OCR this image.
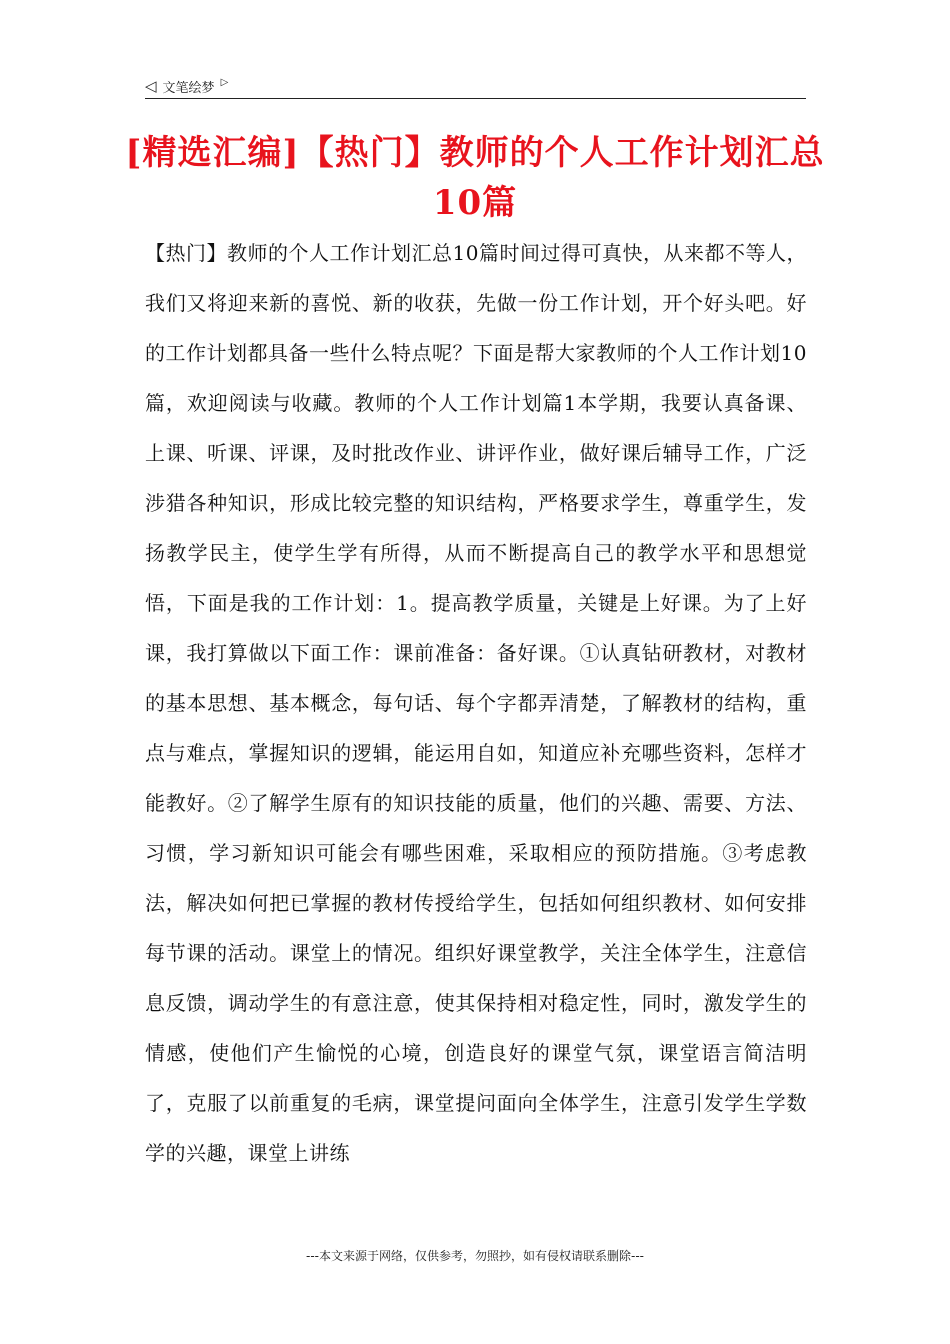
◁ 文笔绘梦 ▷
[精选汇编]【热门】教师的个人工作计划汇总10篇

【热门】教师的个人工作计划汇总10篇时间过得可真快，从来都不等人，我们又将迎来新的喜悦、新的收获，先做一份工作计划，开个好头吧。好的工作计划都具备一些什么特点呢？下面是帮大家教师的个人工作计划10篇，欢迎阅读与收藏。教师的个人工作计划篇1本学期，我要认真备课、上课、听课、评课，及时批改作业、讲评作业，做好课后辅导工作，广泛涉猎各种知识，形成比较完整的知识结构，严格要求学生，尊重学生，发扬教学民主，使学生学有所得，从而不断提高自己的教学水平和思想觉悟，下面是我的工作计划：1。提高教学质量，关键是上好课。为了上好课，我打算做以下面工作：课前准备：备好课。①认真钻研教材，对教材的基本思想、基本概念，每句话、每个字都弄清楚，了解教材的结构，重点与难点，掌握知识的逻辑，能运用自如，知道应补充哪些资料，怎样才能教好。②了解学生原有的知识技能的质量，他们的兴趣、需要、方法、习惯，学习新知识可能会有哪些困难，采取相应的预防措施。③考虑教法，解决如何把已掌握的教材传授给学生，包括如何组织教材、如何安排每节课的活动。课堂上的情况。组织好课堂教学，关注全体学生，注意信息反馈，调动学生的有意注意，使其保持相对稳定性，同时，激发学生的情感，使他们产生愉悦的心境，创造良好的课堂气氛，课堂语言简洁明了，克服了以前重复的毛病，课堂提问面向全体学生，注意引发学生学数学的兴趣，课堂上讲练

---本文来源于网络，仅供参考，勿照抄，如有侵权请联系删除---
